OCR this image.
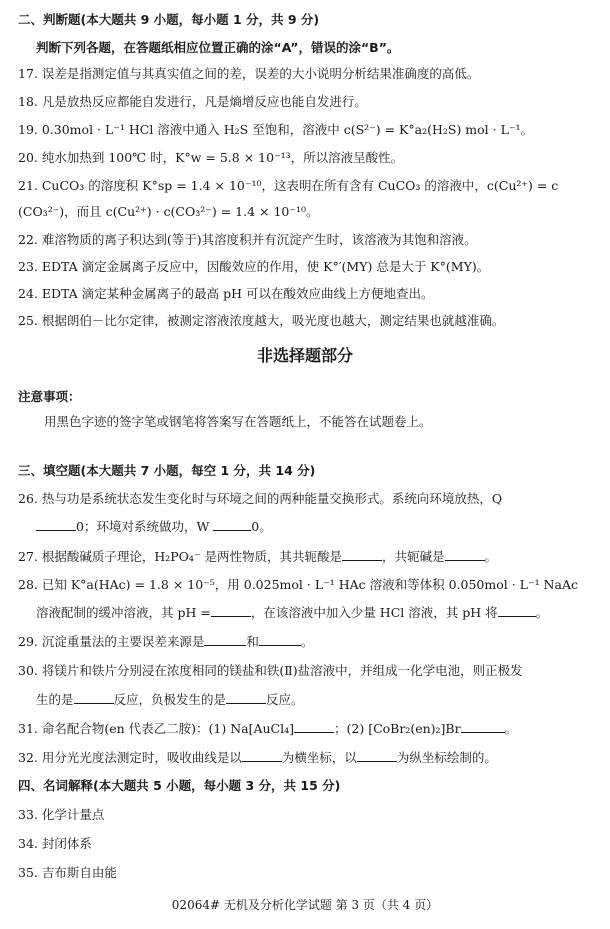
二、判断题(本大题共 9 小题，每小题 1 分，共 9 分)
判断下列各题，在答题纸相应位置正确的涂“A”，错误的涂“B”。
17. 误差是指测定值与其真实值之间的差，误差的大小说明分析结果准确度的高低。
18. 凡是放热反应都能自发进行，凡是熵增反应也能自发进行。
19. 0.30mol · L⁻¹ HCl 溶液中通入 H₂S 至饱和，溶液中 c(S²⁻) = K°a₂(H₂S) mol · L⁻¹。
20. 纯水加热到 100℃ 时，K°w = 5.8 × 10⁻¹³，所以溶液呈酸性。
21. CuCO₃ 的溶度积 K°sp = 1.4 × 10⁻¹⁰，这表明在所有含有 CuCO₃ 的溶液中，c(Cu²⁺) = c
(CO₃²⁻)，而且 c(Cu²⁺) · c(CO₃²⁻) = 1.4 × 10⁻¹⁰。
22. 难溶物质的离子积达到(等于)其溶度积并有沉淀产生时，该溶液为其饱和溶液。
23. EDTA 滴定金属离子反应中，因酸效应的作用，使 K°′(MY) 总是大于 K°(MY)。
24. EDTA 滴定某种金属离子的最高 pH 可以在酸效应曲线上方便地查出。
25. 根据朗伯－比尔定律，被测定溶液浓度越大，吸光度也越大，测定结果也就越准确。
非选择题部分
注意事项：
用黑色字迹的签字笔或钢笔将答案写在答题纸上，不能答在试题卷上。
三、填空题(本大题共 7 小题，每空 1 分，共 14 分)
26. 热与功是系统状态发生变化时与环境之间的两种能量交换形式。系统向环境放热，Q
0；环境对系统做功，W	0。
27. 根据酸碱质子理论，H₂PO₄⁻ 是两性物质，其共轭酸是	，共轭碱是	。
28. 已知 K°a(HAc) = 1.8 × 10⁻⁵，用 0.025mol · L⁻¹ HAc 溶液和等体积 0.050mol · L⁻¹ NaAc
溶液配制的缓冲溶液，其 pH =	，在该溶液中加入少量 HCl 溶液，其 pH 将	。
29. 沉淀重量法的主要误差来源是	和	。
30. 将镁片和铁片分别浸在浓度相同的镁盐和铁(Ⅱ)盐溶液中，并组成一化学电池，则正极发
生的是	反应，负极发生的是	反应。
31. 命名配合物(en 代表乙二胺)：(1) Na[AuCl₄]	；(2) [CoBr₂(en)₂]Br	。
32. 用分光光度法测定时，吸收曲线是以	为横坐标，以	为纵坐标绘制的。
四、名词解释(本大题共 5 小题，每小题 3 分，共 15 分)
33. 化学计量点
34. 封闭体系
35. 吉布斯自由能
02064# 无机及分析化学试题 第 3 页（共 4 页）
